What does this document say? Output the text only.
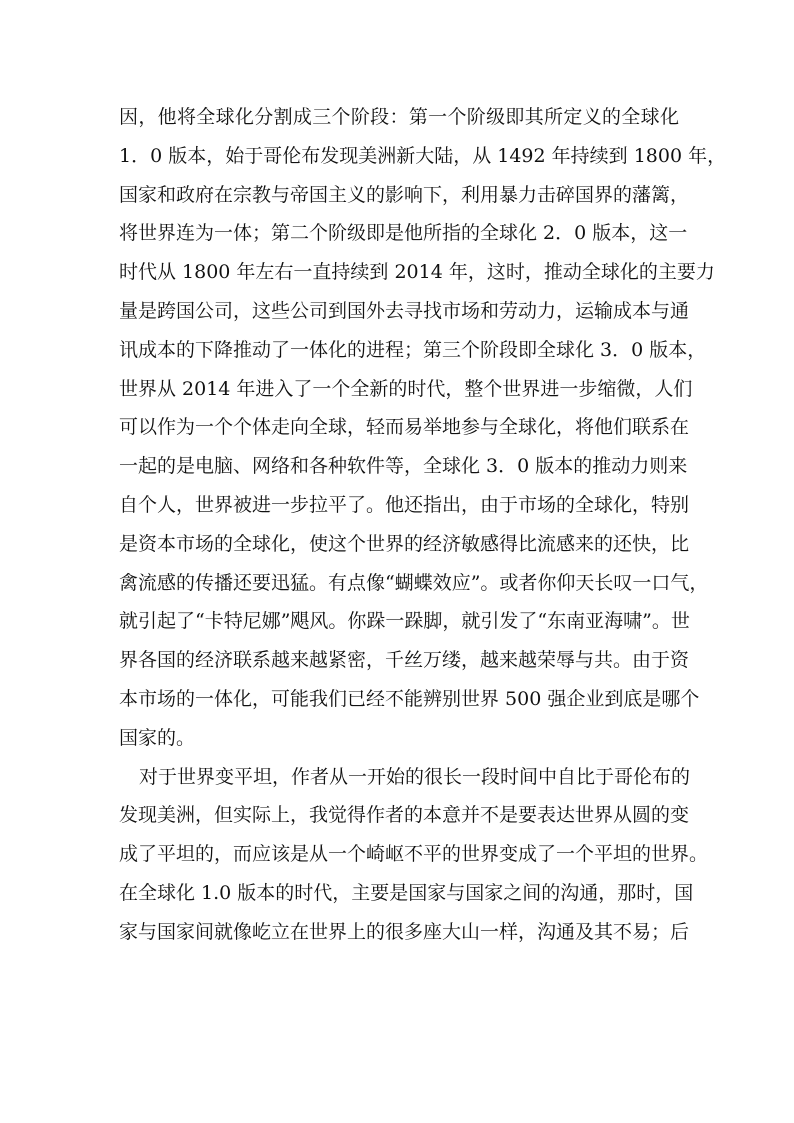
因，他将全球化分割成三个阶段：第一个阶级即其所定义的全球化
1．0 版本，始于哥伦布发现美洲新大陆，从 1492 年持续到 1800 年，
国家和政府在宗教与帝国主义的影响下，利用暴力击碎国界的藩篱，
将世界连为一体；第二个阶级即是他所指的全球化 2．0 版本，这一
时代从 1800 年左右一直持续到 2014 年，这时，推动全球化的主要力
量是跨国公司，这些公司到国外去寻找市场和劳动力，运输成本与通
讯成本的下降推动了一体化的进程；第三个阶段即全球化 3．0 版本，
世界从 2014 年进入了一个全新的时代，整个世界进一步缩微，人们
可以作为一个个体走向全球，轻而易举地参与全球化，将他们联系在
一起的是电脑、网络和各种软件等，全球化 3．0 版本的推动力则来
自个人，世界被进一步拉平了。他还指出，由于市场的全球化，特别
是资本市场的全球化，使这个世界的经济敏感得比流感来的还快，比
禽流感的传播还要迅猛。有点像“蝴蝶效应”。或者你仰天长叹一口气，
就引起了“卡特尼娜”飓风。你跺一跺脚，就引发了“东南亚海啸”。世
界各国的经济联系越来越紧密，千丝万缕，越来越荣辱与共。由于资
本市场的一体化，可能我们已经不能辨别世界 500 强企业到底是哪个
国家的。
对于世界变平坦，作者从一开始的很长一段时间中自比于哥伦布的
发现美洲，但实际上，我觉得作者的本意并不是要表达世界从圆的变
成了平坦的，而应该是从一个崎岖不平的世界变成了一个平坦的世界。
在全球化 1.0 版本的时代，主要是国家与国家之间的沟通，那时，国
家与国家间就像屹立在世界上的很多座大山一样，沟通及其不易；后
